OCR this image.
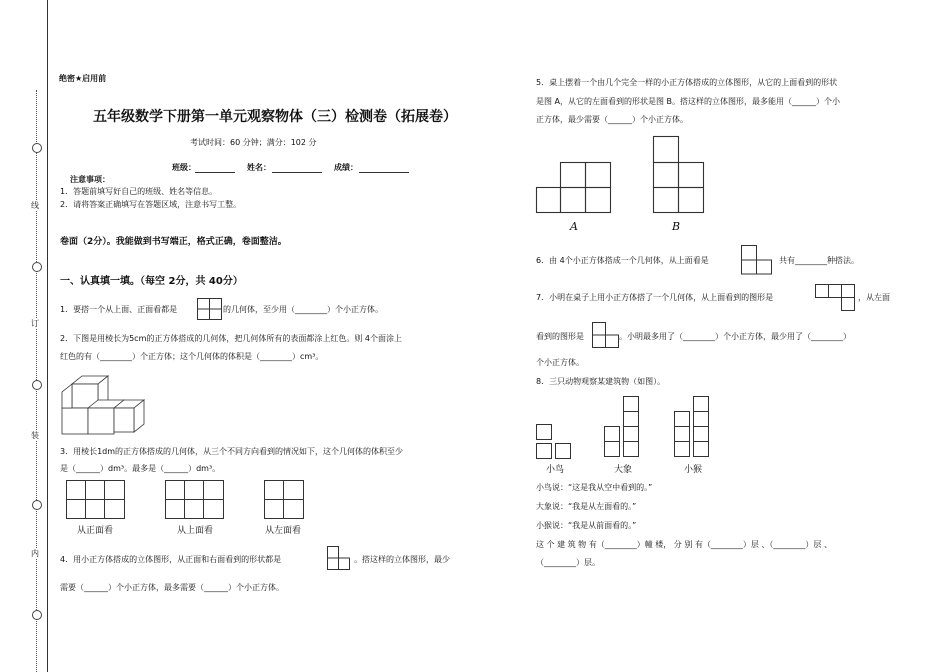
线
订
装
内
绝密★启用前
五年级数学下册第一单元观察物体（三）检测卷（拓展卷）
考试时间：60 分钟；满分：102 分
班级：	姓名：	成绩：
注意事项：
1．答题前填写好自己的班级、姓名等信息。
2．请将答案正确填写在答题区域，注意书写工整。
卷面（2分）。我能做到书写端正，格式正确，卷面整洁。
一、认真填一填。（每空 2分，共 40分）
1．要搭一个从上面、正面看都是	的几何体，至少用（________）个小正方体。
2．下图是用棱长为5cm的正方体搭成的几何体，把几何体所有的表面都涂上红色。则 4个面涂上
红色的有（________）个正方体；这个几何体的体积是（________）cm³。
3．用棱长1dm的正方体搭成的几何体，从三个不同方向看到的情况如下，这个几何体的体积至少
是（______）dm³。最多是（______）dm³。
从正面看	从上面看	从左面看
4．用小正方体搭成的立体图形，从正面和右面看到的形状都是	。搭这样的立体图形，最少
需要（______）个小正方体，最多需要（______）个小正方体。
5．桌上摆着一个由几个完全一样的小正方体搭成的立体图形，从它的上面看到的形状
是图 A，从它的左面看到的形状是图 B。搭这样的立体图形，最多能用（______）个小
正方体，最少需要（______）个小正方体。
A	B
6．由 4个小正方体搭成一个几何体，从上面看是	共有________种搭法。
7．小明在桌子上用小正方体搭了一个几何体，从上面看到的图形是	，从左面
看到的图形是	。小明最多用了（________）个小正方体，最少用了（________）
个小正方体。
8．三只动物观察某建筑物（如图）。
小鸟	大象	小猴
小鸟说：“这是我从空中看到的。”
大象说：“我是从左面看的。”
小猴说：“我是从前面看的。”
这 个 建 筑 物 有（________）幢 楼， 分 别 有（________）层 、（________）层 、
（________）层。
